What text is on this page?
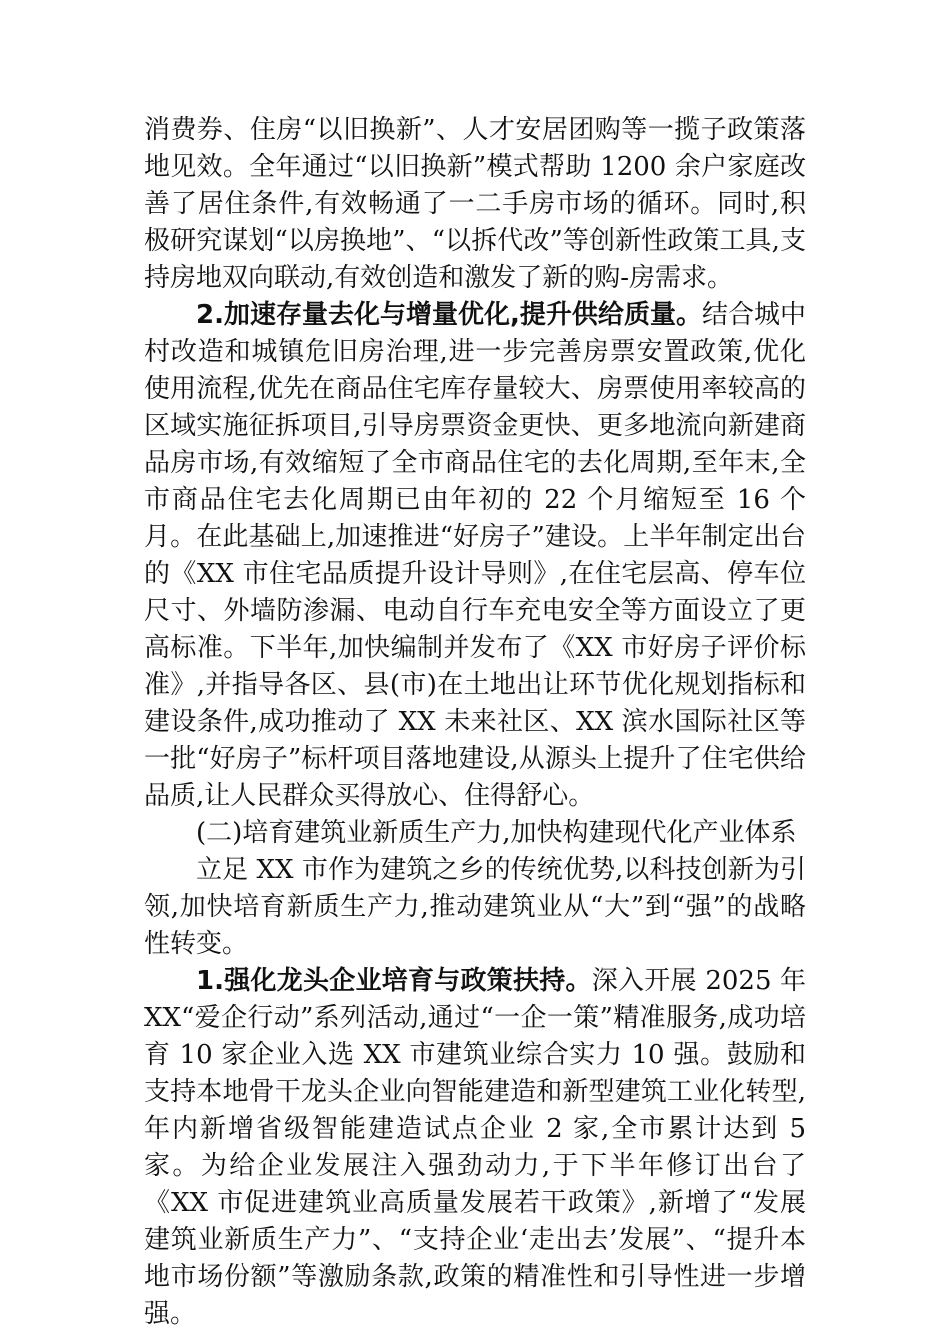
消费券、住房“以旧换新”、人才安居团购等一揽子政策落地见效。全年通过“以旧换新”模式帮助 1200 余户家庭改善了居住条件,有效畅通了一二手房市场的循环。同时,积极研究谋划“以房换地”、“以拆代改”等创新性政策工具,支持房地双向联动,有效创造和激发了新的购-房需求。

2.加速存量去化与增量优化,提升供给质量。结合城中村改造和城镇危旧房治理,进一步完善房票安置政策,优化使用流程,优先在商品住宅库存量较大、房票使用率较高的区域实施征拆项目,引导房票资金更快、更多地流向新建商品房市场,有效缩短了全市商品住宅的去化周期,至年末,全市商品住宅去化周期已由年初的 22 个月缩短至 16 个月。在此基础上,加速推进“好房子”建设。上半年制定出台的《XX 市住宅品质提升设计导则》,在住宅层高、停车位尺寸、外墙防渗漏、电动自行车充电安全等方面设立了更高标准。下半年,加快编制并发布了《XX 市好房子评价标准》,并指导各区、县(市)在土地出让环节优化规划指标和建设条件,成功推动了 XX 未来社区、XX 滨水国际社区等一批“好房子”标杆项目落地建设,从源头上提升了住宅供给品质,让人民群众买得放心、住得舒心。

(二)培育建筑业新质生产力,加快构建现代化产业体系

立足 XX 市作为建筑之乡的传统优势,以科技创新为引领,加快培育新质生产力,推动建筑业从“大”到“强”的战略性转变。

1.强化龙头企业培育与政策扶持。深入开展 2025 年 XX“爱企行动”系列活动,通过“一企一策”精准服务,成功培育 10 家企业入选 XX 市建筑业综合实力 10 强。鼓励和支持本地骨干龙头企业向智能建造和新型建筑工业化转型,年内新增省级智能建造试点企业 2 家,全市累计达到 5 家。为给企业发展注入强劲动力,于下半年修订出台了《XX 市促进建筑业高质量发展若干政策》,新增了“发展建筑业新质生产力”、“支持企业‘走出去’发展”、“提升本地市场份额”等激励条款,政策的精准性和引导性进一步增强。
